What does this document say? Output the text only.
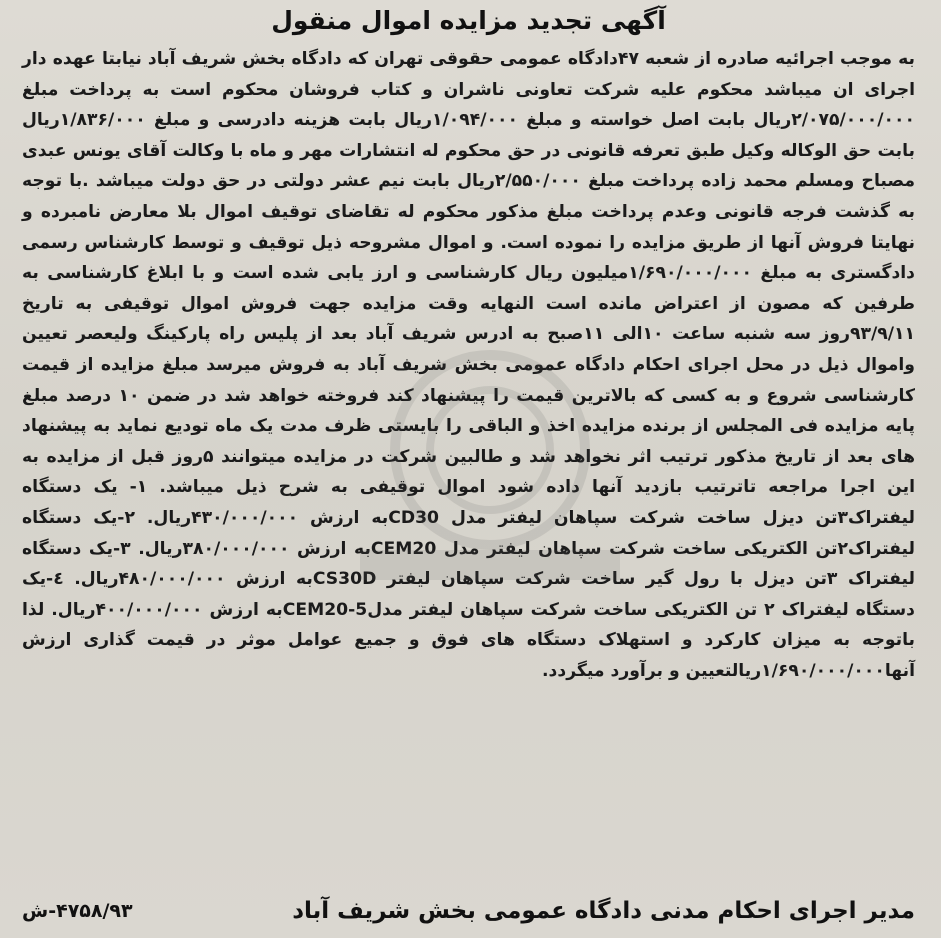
آگهی تجدید مزایده اموال منقول

به موجب اجرائیه صادره از شعبه ۴۷دادگاه عمومی حقوقی تهران که دادگاه بخش شریف آباد نیابتا عهده دار اجرای ان میباشد محکوم علیه شرکت تعاونی ناشران و کتاب فروشان محکوم است به پرداخت مبلغ ۲/۰۷۵/۰۰۰/۰۰۰ریال بابت اصل خواسته و مبلغ ۱/۰۹۴/۰۰۰ریال بابت هزینه دادرسی و مبلغ ۱/۸۳۶/۰۰۰ریال بابت حق الوکاله وکیل طبق تعرفه قانونی در حق محکوم له انتشارات مهر و ماه با وکالت آقای یونس عبدی مصباح ومسلم محمد زاده پرداخت مبلغ ۲/۵۵۰/۰۰۰ریال بابت نیم عشر دولتی در حق دولت میباشد .با توجه به گذشت فرجه قانونی وعدم پرداخت مبلغ مذکور محکوم له تقاضای توقیف اموال بلا معارض نامبرده و نهایتا فروش آنها از طریق مزایده را نموده است. و اموال مشروحه ذیل توقیف و توسط کارشناس رسمی دادگستری به مبلغ ۱/۶۹۰/۰۰۰/۰۰۰میلیون ریال کارشناسی و ارز یابی شده است و با ابلاغ کارشناسی به طرفین که مصون از اعتراض مانده است النهایه وقت مزایده جهت فروش اموال توقیفی به تاریخ ۹۳/۹/۱۱روز سه شنبه ساعت ۱۰الی ۱۱صبح به ادرس شریف آباد بعد از پلیس راه پارکینگ ولیعصر تعیین واموال ذیل در محل اجرای احکام دادگاه عمومی بخش شریف آباد به فروش میرسد مبلغ مزایده از قیمت کارشناسی شروع و به کسی که بالاترین قیمت را پیشنهاد کند فروخته خواهد شد در ضمن ۱۰ درصد مبلغ پایه مزایده فی المجلس از برنده مزایده اخذ و الباقی را بایستی ظرف مدت یک ماه تودیع نماید به پیشنهاد های بعد از تاریخ مذکور ترتیب اثر نخواهد شد و طالبین شرکت در مزایده میتوانند ۵روز قبل از مزایده به این اجرا مراجعه تاترتیب بازدید آنها داده شود اموال توقیفی به شرح ذیل میباشد. ۱- یک دستگاه لیفتراک۳تن دیزل ساخت شرکت سپاهان لیفتر مدل CD30به ارزش ۴۳۰/۰۰۰/۰۰۰ریال. ۲-یک دستگاه لیفتراک۲تن الکتریکی ساخت شرکت سپاهان لیفتر مدل CEM20به ارزش ۳۸۰/۰۰۰/۰۰۰ریال. ۳-یک دستگاه لیفتراک ۳تن دیزل با رول گیر ساخت شرکت سپاهان لیفتر CS30Dبه ارزش ۴۸۰/۰۰۰/۰۰۰ریال. ٤-یک دستگاه لیفتراک ۲ تن الکتریکی ساخت شرکت سپاهان لیفتر مدلCEM20-5به ارزش ۴۰۰/۰۰۰/۰۰۰ریال. لذا باتوجه به میزان کارکرد و استهلاک دستگاه های فوق و جمیع عوامل موثر در قیمت گذاری ارزش آنها۱/۶۹۰/۰۰۰/۰۰۰ریالتعیین و برآورد میگردد.

مدیر اجرای احکام مدنی دادگاه عمومی بخش شریف آباد
۴۷۵۸/۹۳-ش
